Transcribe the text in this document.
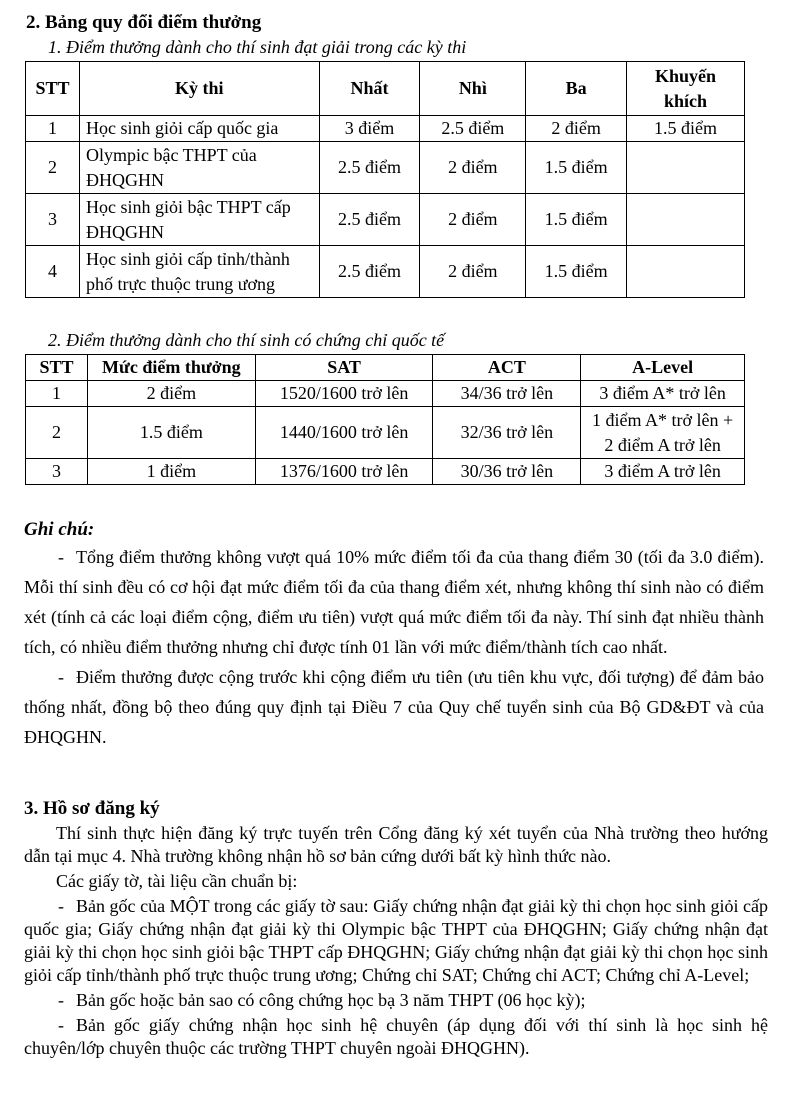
2. Bảng quy đổi điểm thưởng

1. Điểm thưởng dành cho thí sinh đạt giải trong các kỳ thi

STT	Kỳ thi	Nhất	Nhì	Ba	Khuyến khích
1	Học sinh giỏi cấp quốc gia	3 điểm	2.5 điểm	2 điểm	1.5 điểm
2	Olympic bậc THPT của ĐHQGHN	2.5 điểm	2 điểm	1.5 điểm	
3	Học sinh giỏi bậc THPT cấp ĐHQGHN	2.5 điểm	2 điểm	1.5 điểm	
4	Học sinh giỏi cấp tỉnh/thành phố trực thuộc trung ương	2.5 điểm	2 điểm	1.5 điểm	

2. Điểm thưởng dành cho thí sinh có chứng chỉ quốc tế

STT	Mức điểm thưởng	SAT	ACT	A-Level
1	2 điểm	1520/1600 trở lên	34/36 trở lên	3 điểm A* trở lên
2	1.5 điểm	1440/1600 trở lên	32/36 trở lên	1 điểm A* trở lên + 2 điểm A trở lên
3	1 điểm	1376/1600 trở lên	30/36 trở lên	3 điểm A trở lên

Ghi chú:

- Tổng điểm thưởng không vượt quá 10% mức điểm tối đa của thang điểm 30 (tối đa 3.0 điểm). Mỗi thí sinh đều có cơ hội đạt mức điểm tối đa của thang điểm xét, nhưng không thí sinh nào có điểm xét (tính cả các loại điểm cộng, điểm ưu tiên) vượt quá mức điểm tối đa này. Thí sinh đạt nhiều thành tích, có nhiều điểm thưởng nhưng chỉ được tính 01 lần với mức điểm/thành tích cao nhất.

- Điểm thưởng được cộng trước khi cộng điểm ưu tiên (ưu tiên khu vực, đối tượng) để đảm bảo thống nhất, đồng bộ theo đúng quy định tại Điều 7 của Quy chế tuyển sinh của Bộ GD&ĐT và của ĐHQGHN.

3. Hồ sơ đăng ký

Thí sinh thực hiện đăng ký trực tuyến trên Cổng đăng ký xét tuyển của Nhà trường theo hướng dẫn tại mục 4. Nhà trường không nhận hồ sơ bản cứng dưới bất kỳ hình thức nào.

Các giấy tờ, tài liệu cần chuẩn bị:

- Bản gốc của MỘT trong các giấy tờ sau: Giấy chứng nhận đạt giải kỳ thi chọn học sinh giỏi cấp quốc gia; Giấy chứng nhận đạt giải kỳ thi Olympic bậc THPT của ĐHQGHN; Giấy chứng nhận đạt giải kỳ thi chọn học sinh giỏi bậc THPT cấp ĐHQGHN; Giấy chứng nhận đạt giải kỳ thi chọn học sinh giỏi cấp tỉnh/thành phố trực thuộc trung ương; Chứng chỉ SAT; Chứng chỉ ACT; Chứng chỉ A-Level;

- Bản gốc hoặc bản sao có công chứng học bạ 3 năm THPT (06 học kỳ);

- Bản gốc giấy chứng nhận học sinh hệ chuyên (áp dụng đối với thí sinh là học sinh hệ chuyên/lớp chuyên thuộc các trường THPT chuyên ngoài ĐHQGHN).
